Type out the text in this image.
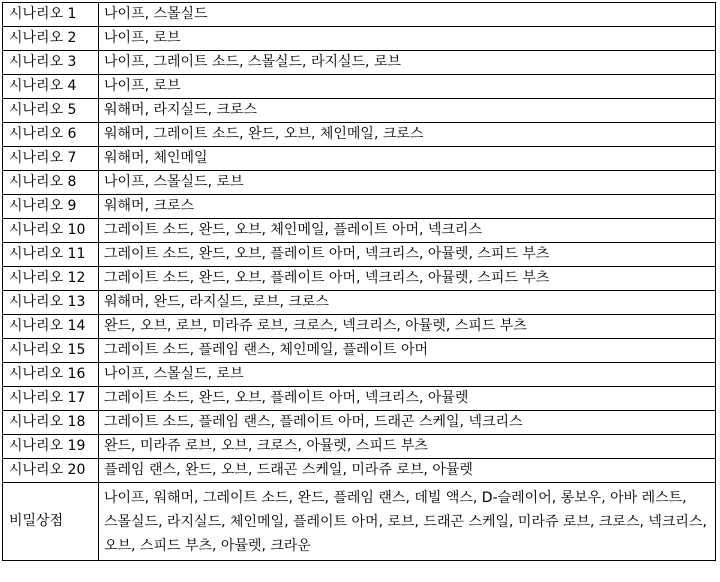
시나리오 1	나이프, 스몰실드
시나리오 2	나이프, 로브
시나리오 3	나이프, 그레이트 소드, 스몰실드, 라지실드, 로브
시나리오 4	나이프, 로브
시나리오 5	워해머, 라지실드, 크로스
시나리오 6	워해머, 그레이트 소드, 완드, 오브, 체인메일, 크로스
시나리오 7	워해머, 체인메일
시나리오 8	나이프, 스몰실드, 로브
시나리오 9	워해머, 크로스
시나리오 10	그레이트 소드, 완드, 오브, 체인메일, 플레이트 아머, 넥크리스
시나리오 11	그레이트 소드, 완드, 오브, 플레이트 아머, 넥크리스, 아뮬렛, 스피드 부츠
시나리오 12	그레이트 소드, 완드, 오브, 플레이트 아머, 넥크리스, 아뮬렛, 스피드 부츠
시나리오 13	워해머, 완드, 라지실드, 로브, 크로스
시나리오 14	완드, 오브, 로브, 미라쥬 로브, 크로스, 넥크리스, 아뮬렛, 스피드 부츠
시나리오 15	그레이트 소드, 플레임 랜스, 체인메일, 플레이트 아머
시나리오 16	나이프, 스몰실드, 로브
시나리오 17	그레이트 소드, 완드, 오브, 플레이트 아머, 넥크리스, 아뮬렛
시나리오 18	그레이트 소드, 플레임 랜스, 플레이트 아머, 드래곤 스케일, 넥크리스
시나리오 19	완드, 미라쥬 로브, 오브, 크로스, 아뮬렛, 스피드 부츠
시나리오 20	플레임 랜스, 완드, 오브, 드래곤 스케일, 미라쥬 로브, 아뮬렛
비밀상점	나이프, 워해머, 그레이트 소드, 완드, 플레임 랜스, 데빌 액스, D-슬레이어, 롱보우, 아바 레스트, 스몰실드, 라지실드, 체인메일, 플레이트 아머, 로브, 드래곤 스케일, 미라쥬 로브, 크로스, 넥크리스, 오브, 스피드 부츠, 아뮬렛, 크라운
